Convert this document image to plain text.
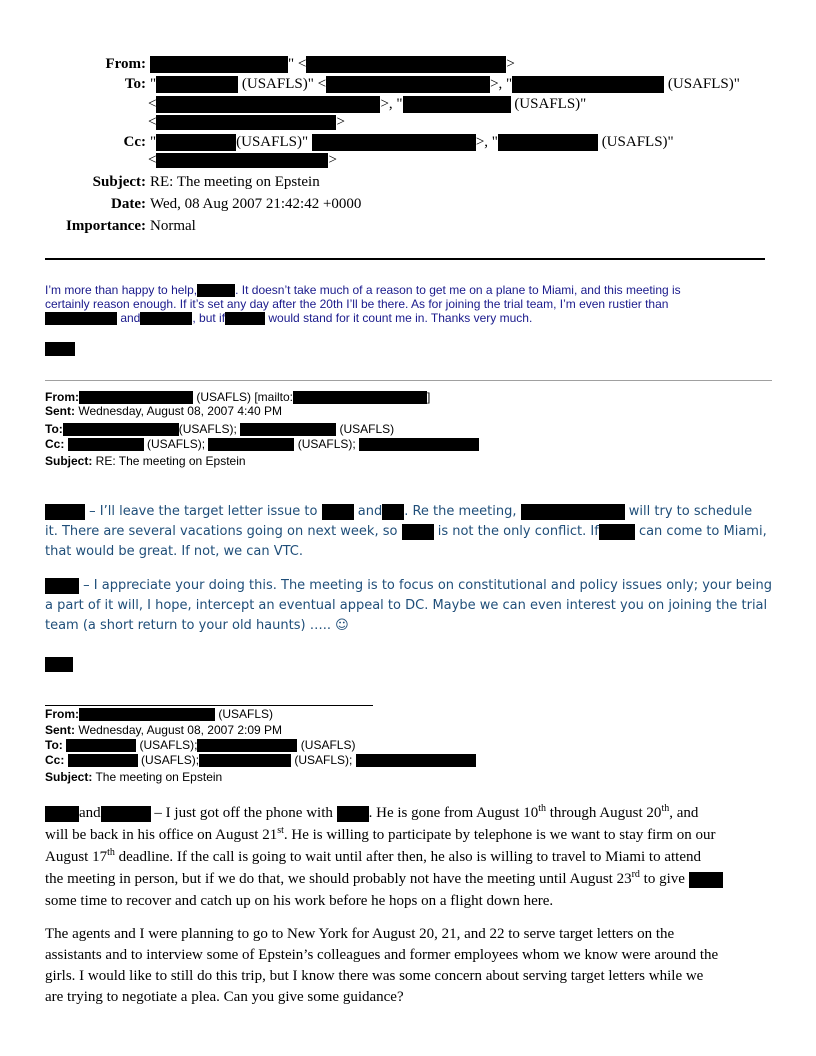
From:	" <	>
To: "	(USAFLS)" <	>, "	(USAFLS)"
<	>, "	(USAFLS)"
<	>
Cc: "	(USAFLS)"	>, "	(USAFLS)"
<	>
Subject: RE: The meeting on Epstein
Date: Wed, 08 Aug 2007 21:42:42 +0000
Importance: Normal
I’m more than happy to help,	. It doesn’t take much of a reason to get me on a plane to Miami, and this meeting is
certainly reason enough. If it’s set any day after the 20th I’ll be there. As for joining the trial team, I’m even rustier than
and	, but if	would stand for it count me in. Thanks very much.
From:	(USAFLS) [mailto:	]
Sent: Wednesday, August 08, 2007 4:40 PM
To:	(USAFLS);	(USAFLS)
Cc:	(USAFLS);	(USAFLS);
Subject: RE: The meeting on Epstein
– I’ll leave the target letter issue to  and . Re the meeting,	will try to schedule
it. There are several vacations going on next week, so  is not the only conflict. If	can come to Miami,
that would be great. If not, we can VTC.
– I appreciate your doing this. The meeting is to focus on constitutional and policy issues only; your being
a part of it will, I hope, intercept an eventual appeal to DC. Maybe we can even interest you on joining the trial
team (a short return to your old haunts) ….. ☺
From:	(USAFLS)
Sent: Wednesday, August 08, 2007 2:09 PM
To:	(USAFLS);	(USAFLS)
Cc:	(USAFLS);	(USAFLS);
Subject: The meeting on Epstein
and	– I just got off the phone with . He is gone from August 10th through August 20th, and
will be back in his office on August 21st. He is willing to participate by telephone is we want to stay firm on our
August 17th deadline. If the call is going to wait until after then, he also is willing to travel to Miami to attend
the meeting in person, but if we do that, we should probably not have the meeting until August 23rd to give
some time to recover and catch up on his work before he hops on a flight down here.
The agents and I were planning to go to New York for August 20, 21, and 22 to serve target letters on the
assistants and to interview some of Epstein’s colleagues and former employees whom we know were around the
girls. I would like to still do this trip, but I know there was some concern about serving target letters while we
are trying to negotiate a plea. Can you give some guidance?
